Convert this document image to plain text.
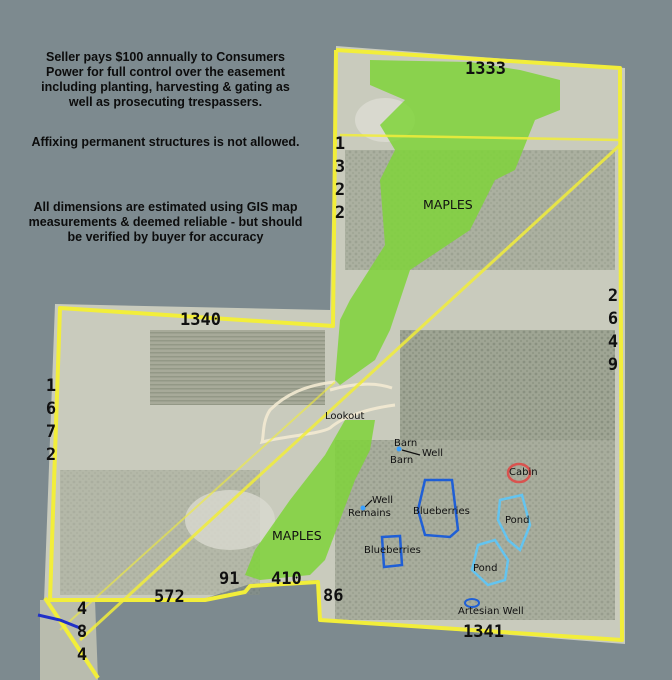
Seller pays $100 annually to Consumers Power for full control over the easement including planting, harvesting & gating as well as prosecuting trespassers.
Affixing permanent structures is not allowed.
All dimensions are estimated using GIS map measurements & deemed reliable - but should be verified by buyer for accuracy
1333
1322
1340
1672
2649
572
91 410
86
1341
484
MAPLES
MAPLES
Lookout
Barn
Barn
Well
Well
Remains Blueberries
Blueberries
Cabin
Pond
Pond
Artesian Well
